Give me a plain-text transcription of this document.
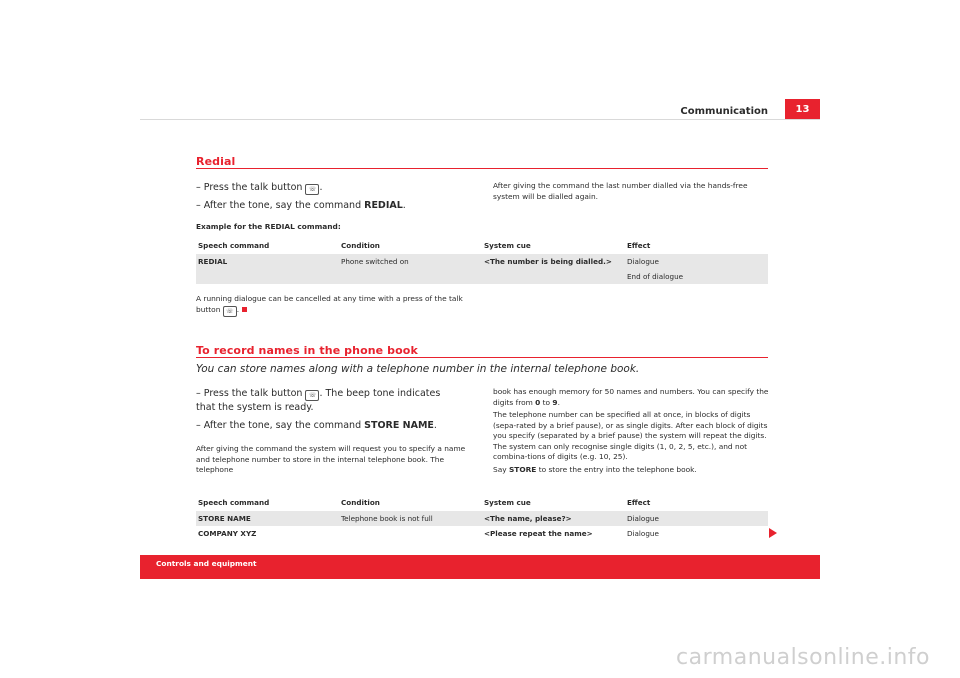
Communication	13
Redial
– Press the talk button ☏ .
– After the tone, say the command REDIAL.
After giving the command the last number dialled via the hands-free system will be dialled again.
Example for the REDIAL command:
Speech command	Condition	System cue	Effect
REDIAL	Phone switched on	<The number is being dialled.>	Dialogue
			End of dialogue
A running dialogue can be cancelled at any time with a press of the talk button ☏ .
To record names in the phone book
You can store names along with a telephone number in the internal telephone book.
– Press the talk button ☏ . The beep tone indicates that the system is ready.
– After the tone, say the command STORE NAME.
After giving the command the system will request you to specify a name and telephone number to store in the internal telephone book. The telephone
book has enough memory for 50 names and numbers. You can specify the digits from 0 to 9.
The telephone number can be specified all at once, in blocks of digits (sepa-rated by a brief pause), or as single digits. After each block of digits you specify (separated by a brief pause) the system will repeat the digits. The system can only recognise single digits (1, 0, 2, 5, etc.), and not combina-tions of digits (e.g. 10, 25).
Say STORE to store the entry into the telephone book.
Speech command	Condition	System cue	Effect
STORE NAME	Telephone book is not full	<The name, please?>	Dialogue
COMPANY XYZ		<Please repeat the name>	Dialogue
Controls and equipment
carmanualsonline.info
